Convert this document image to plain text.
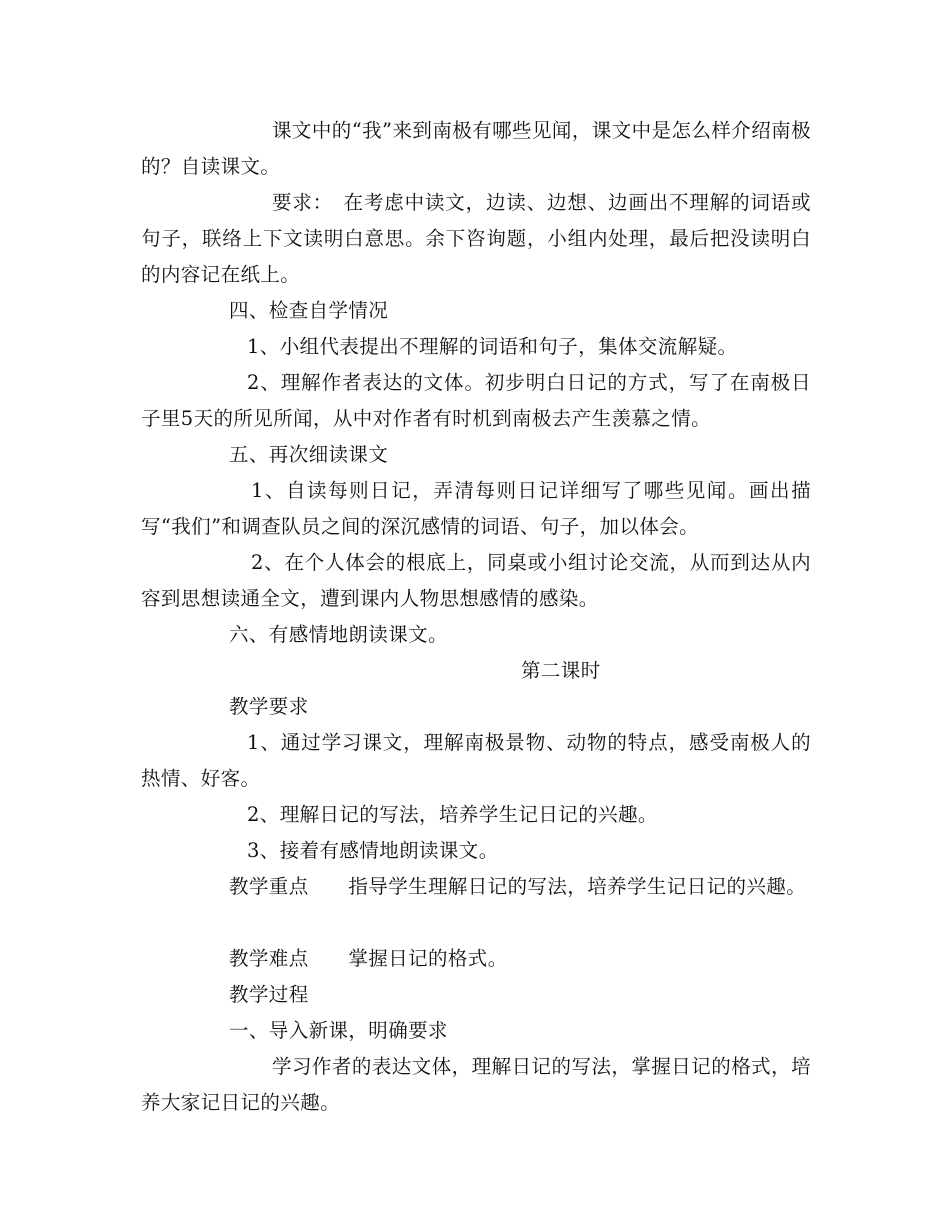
课文中的“我”来到南极有哪些见闻，课文中是怎么样介绍南极的？自读课文。

要求：　在考虑中读文，边读、边想、边画出不理解的词语或句子，联络上下文读明白意思。余下咨询题，小组内处理，最后把没读明白的内容记在纸上。

四、检查自学情况

1、小组代表提出不理解的词语和句子，集体交流解疑。

2、理解作者表达的文体。初步明白日记的方式，写了在南极日子里5天的所见所闻，从中对作者有时机到南极去产生羡慕之情。

五、再次细读课文

1、自读每则日记，弄清每则日记详细写了哪些见闻。画出描写“我们”和调查队员之间的深沉感情的词语、句子，加以体会。

2、在个人体会的根底上，同桌或小组讨论交流，从而到达从内容到思想读通全文，遭到课内人物思想感情的感染。

六、有感情地朗读课文。

第二课时

教学要求

1、通过学习课文，理解南极景物、动物的特点，感受南极人的热情、好客。

2、理解日记的写法，培养学生记日记的兴趣。

3、接着有感情地朗读课文。

教学重点　　指导学生理解日记的写法，培养学生记日记的兴趣。

教学难点　　掌握日记的格式。

教学过程

一、导入新课，明确要求

学习作者的表达文体，理解日记的写法，掌握日记的格式，培养大家记日记的兴趣。
